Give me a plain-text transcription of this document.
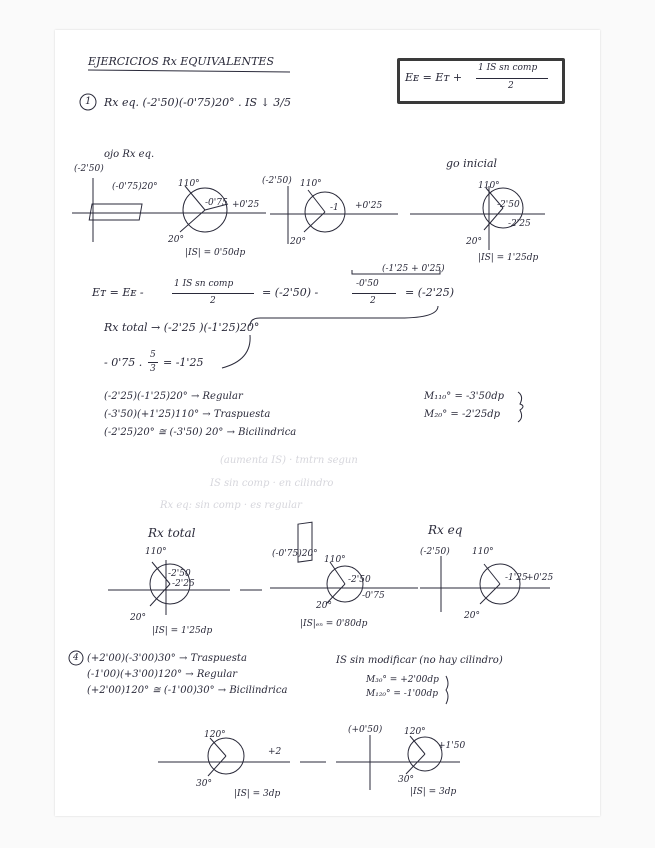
EJERCICIOS Rx EQUIVALENTES
Eᴇ = Eᴛ +
1 IS sn comp
2
1 Rx eq. (-2'50)(-0'75)20° . IS ↓ 3/5
ojo Rx eq.
go inicial
(-2'50)
(-0'75)20° 110°
20°
+0'25
-0'75
|IS| = 0'50dp
(-2'50) 110°
20°
+0'25
-1
110°
20°
-2'50
-2'25
|IS| = 1'25dp
Eᴛ = Eᴇ -
1 IS sn comp
2
= (-2'50) -
-0'50
2
= (-2'25)
(-1'25 + 0'25)
Rx total → (-2'25 )(-1'25)20°
- 0'75 .
5
3 = -1'25
(-2'25)(-1'25)20° → Regular
(-3'50)(+1'25)110° → Traspuesta
(-2'25)20° ≅ (-3'50) 20° → Bicilindrica
M₁₁₀° = -3'50dp
M₂₀° = -2'25dp
(aumenta IS) · tmtrn segun
IS sin comp · en cilindro
Rx eq: sin comp · es regular
Rx total	Rx eq
110°
20°
-2'50
-2'25
|IS| = 1'25dp
(-0'75)20°
110°
20°
-2'50
-0'75
|IS|ₑₙ = 0'80dp
(-2'50) 110°
20°
-1'25
+0'25
4 (+2'00)(-3'00)30° → Traspuesta
(-1'00)(+3'00)120° → Regular
(+2'00)120° ≅ (-1'00)30° → Bicilindrica
IS sin modificar (no hay cilindro)
M₃₀° = +2'00dp
M₁₂₀° = -1'00dp
120°
30°
+2
|IS| = 3dp
(+0'50) 120°
30°
+1'50
|IS| = 3dp
